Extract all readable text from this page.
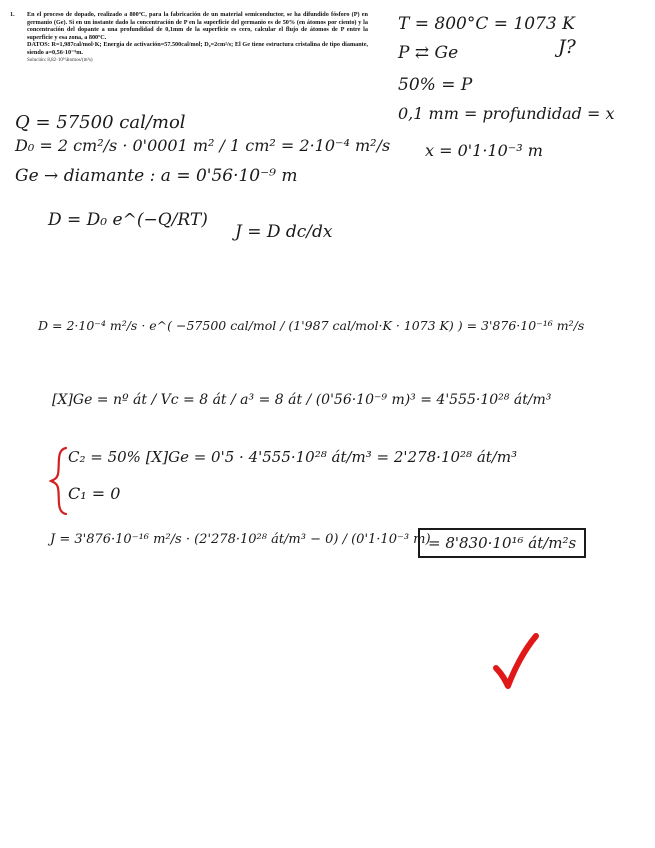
1. En el proceso de dopado, realizado a 800ºC, para la fabricación de un material semiconductor, se ha difundido fósforo (P) en germanio (Ge). Si en un instante dado la concentración de P en la superficie del germanio es de 50% (en átomos por ciento) y la concentración del dopante a una profundidad de 0,1mm de la superficie es cero, calcular el flujo de átomos de P entre la superficie y esa zona, a 800ºC.
DATOS: R=1,987cal/mol·K; Energía de activación=57.500cal/mol; D₀=2cm²/s; El Ge tiene estructura cristalina de tipo diamante, siendo a=0,56·10⁻⁹m.
Solución: 8,82·10¹⁶átomos/(m²s)
T = 800°C = 1073 K
P ⇄ Ge	J?
50% = P
0,1 mm = profundidad = x
x = 0'1·10⁻³ m
Q = 57500 cal/mol
D₀ = 2 cm²/s · 0'0001 m² / 1 cm² = 2·10⁻⁴ m²/s
Ge → diamante : a = 0'56·10⁻⁹ m
D = D₀ e^(−Q/RT)
J = D dc/dx
D = 2·10⁻⁴ m²/s · e^( −57500 cal/mol / (1'987 cal/mol·K · 1073 K) ) = 3'876·10⁻¹⁶ m²/s
[X]Ge = nº át / Vc = 8 át / a³ = 8 át / (0'56·10⁻⁹ m)³ = 4'555·10²⁸ át/m³
C₂ = 50% [X]Ge = 0'5 · 4'555·10²⁸ át/m³ = 2'278·10²⁸ át/m³
C₁ = 0
J = 3'876·10⁻¹⁶ m²/s · (2'278·10²⁸ át/m³ − 0) / (0'1·10⁻³ m)
= 8'830·10¹⁶ át/m²s
